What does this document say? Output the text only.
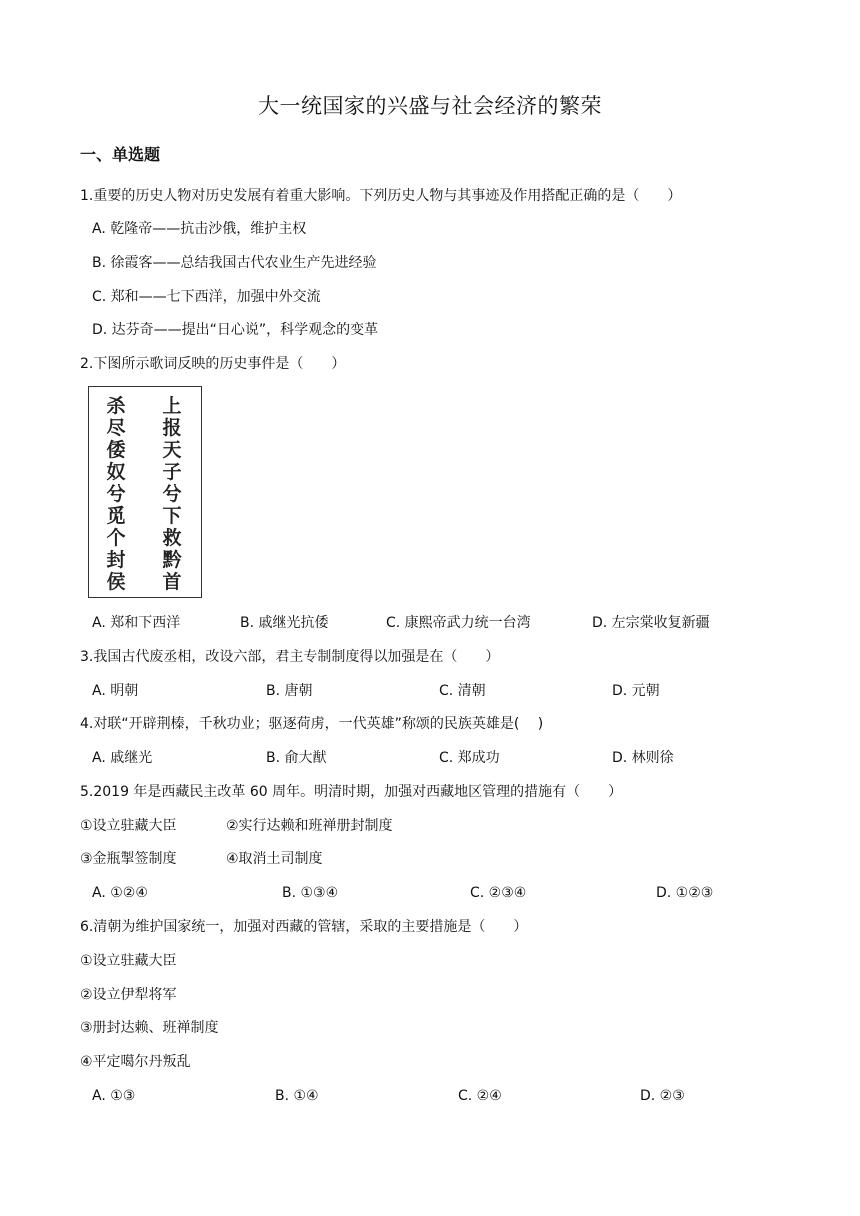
大一统国家的兴盛与社会经济的繁荣
一、单选题
1.重要的历史人物对历史发展有着重大影响。下列历史人物与其事迹及作用搭配正确的是（　　）
A. 乾隆帝——抗击沙俄，维护主权
B. 徐霞客——总结我国古代农业生产先进经验
C. 郑和——七下西洋，加强中外交流
D. 达芬奇——提出“日心说”，科学观念的变革
2.下图所示歌词反映的历史事件是（　　）
杀尽倭奴兮觅个封侯
上报天子兮下救黔首
A. 郑和下西洋	B. 戚继光抗倭	C. 康熙帝武力统一台湾	D. 左宗棠收复新疆
3.我国古代废丞相，改设六部，君主专制制度得以加强是在（　　）
A. 明朝	B. 唐朝	C. 清朝	D. 元朝
4.对联“开辟荆榛，千秋功业；驱逐荷虏，一代英雄”称颂的民族英雄是(　 )
A. 戚继光	B. 俞大猷	C. 郑成功	D. 林则徐
5.2019 年是西藏民主改革 60 周年。明清时期，加强对西藏地区管理的措施有（　　）
①设立驻藏大臣	②实行达赖和班禅册封制度
③金瓶掣签制度	④取消土司制度
A. ①②④	B. ①③④	C. ②③④	D. ①②③
6.清朝为维护国家统一，加强对西藏的管辖，采取的主要措施是（　　）
①设立驻藏大臣
②设立伊犁将军
③册封达赖、班禅制度
④平定噶尔丹叛乱
A. ①③	B. ①④	C. ②④	D. ②③
